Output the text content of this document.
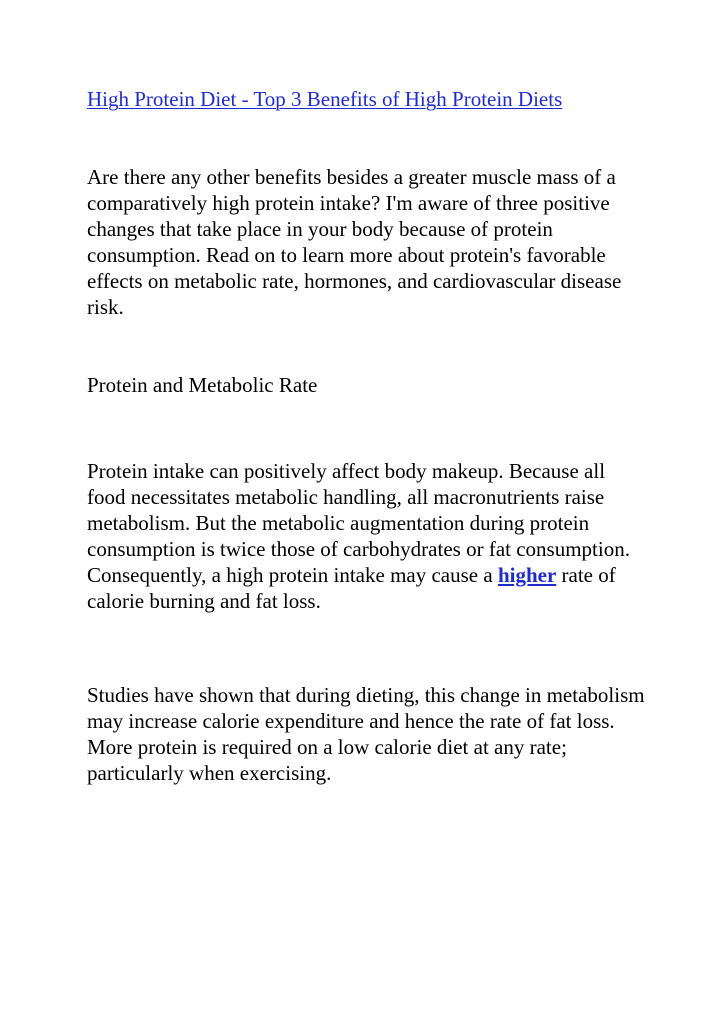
High Protein Diet - Top 3 Benefits of High Protein Diets

Are there any other benefits besides a greater muscle mass of a comparatively high protein intake? I'm aware of three positive changes that take place in your body because of protein consumption. Read on to learn more about protein's favorable effects on metabolic rate, hormones, and cardiovascular disease risk.

Protein and Metabolic Rate

Protein intake can positively affect body makeup. Because all food necessitates metabolic handling, all macronutrients raise metabolism. But the metabolic augmentation during protein consumption is twice those of carbohydrates or fat consumption. Consequently, a high protein intake may cause a higher rate of calorie burning and fat loss.

Studies have shown that during dieting, this change in metabolism may increase calorie expenditure and hence the rate of fat loss. More protein is required on a low calorie diet at any rate; particularly when exercising.
